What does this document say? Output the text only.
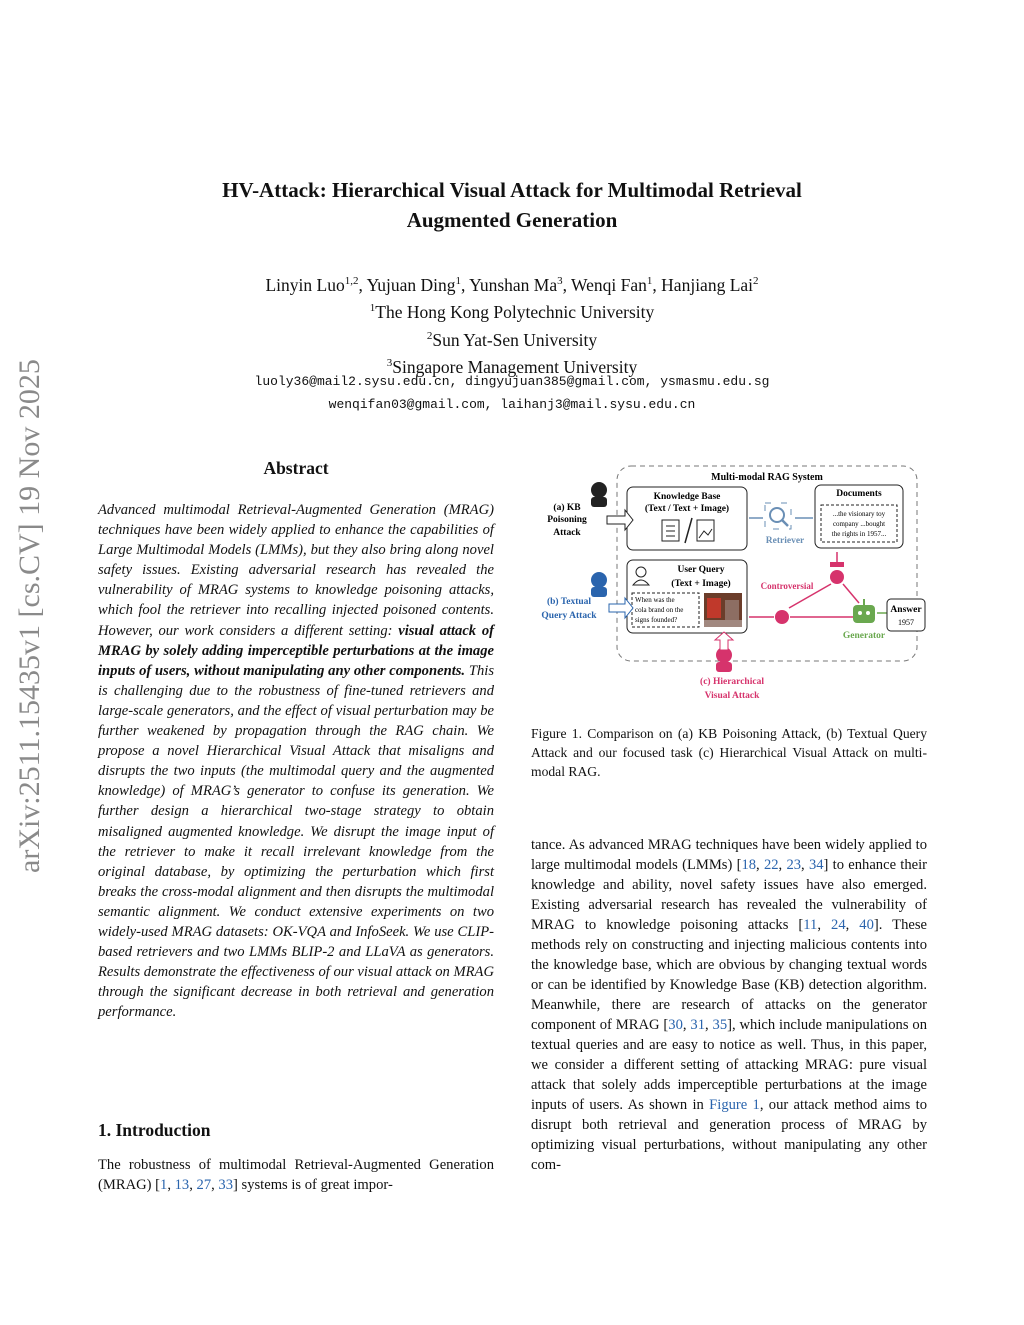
arXiv:2511.15435v1 [cs.CV] 19 Nov 2025
HV-Attack: Hierarchical Visual Attack for Multimodal Retrieval
Augmented Generation
Linyin Luo$^{1,2}$, Yujuan Ding$^1$, Yunshan Ma$^3$, Wenqi Fan$^1$, Hanjiang Lai$^2$
$^1$The Hong Kong Polytechnic University
$^2$Sun Yat-Sen University
$^3$Singapore Management University
luoly36@mail2.sysu.edu.cn, dingyujuan385@gmail.com, ysmasmu.edu.sg
wenqifan03@gmail.com, laihanj3@mail.sysu.edu.cn
Abstract
Advanced multimodal Retrieval-Augmented Generation (MRAG) techniques have been widely applied to enhance the capabilities of Large Multimodal Models (LMMs), but they also bring along novel safety issues. Existing adversarial research has revealed the vulnerability of MRAG systems to knowledge poisoning attacks, which fool the retriever into recalling injected poisoned contents. However, our work considers a different setting: visual attack of MRAG by solely adding imperceptible perturbations at the image inputs of users, without manipulating any other components. This is challenging due to the robustness of fine-tuned retrievers and large-scale generators, and the effect of visual perturbation may be further weakened by propagation through the RAG chain. We propose a novel Hierarchical Visual Attack that misaligns and disrupts the two inputs (the multimodal query and the augmented knowledge) of MRAG’s generator to confuse its generation. We further design a hierarchical two-stage strategy to obtain misaligned augmented knowledge. We disrupt the image input of the retriever to make it recall irrelevant knowledge from the original database, by optimizing the perturbation which first breaks the cross-modal alignment and then disrupts the multimodal semantic alignment. We conduct extensive experiments on two widely-used MRAG datasets: OK-VQA and InfoSeek. We use CLIP-based retrievers and two LMMs BLIP-2 and LLaVA as generators. Results demonstrate the effectiveness of our visual attack on MRAG through the significant decrease in both retrieval and generation performance.
1. Introduction
The robustness of multimodal Retrieval-Augmented Generation (MRAG) [1, 13, 27, 33] systems is of great impor-
Multi-modal RAG System
Knowledge Base
(Text / Text + Image)
Retriever
Documents
...the visionary toy
company ...bought
the rights in 1957...
User Query
(Text + Image)
When was the
cola brand on the
signs founded?
(a) KB
Poisoning
Attack
(b) Textual
Query Attack
(c) Hierarchical
Visual Attack
Controversial
Generator
Answer
1957
Figure 1. Comparison on (a) KB Poisoning Attack, (b) Textual Query Attack and our focused task (c) Hierarchical Visual Attack on multi-modal RAG.
tance. As advanced MRAG techniques have been widely applied to large multimodal models (LMMs) [18, 22, 23, 34] to enhance their knowledge and ability, novel safety issues have also emerged. Existing adversarial research has revealed the vulnerability of MRAG to knowledge poisoning attacks [11, 24, 40]. These methods rely on constructing and injecting malicious contents into the knowledge base, which are obvious by changing textual words or can be identified by Knowledge Base (KB) detection algorithm. Meanwhile, there are research of attacks on the generator component of MRAG [30, 31, 35], which include manipulations on textual queries and are easy to notice as well. Thus, in this paper, we consider a different setting of attacking MRAG: pure visual attack that solely adds imperceptible perturbations at the image inputs of users. As shown in Figure 1, our attack method aims to disrupt both retrieval and generation process of MRAG by optimizing visual perturbations, without manipulating any other com-
